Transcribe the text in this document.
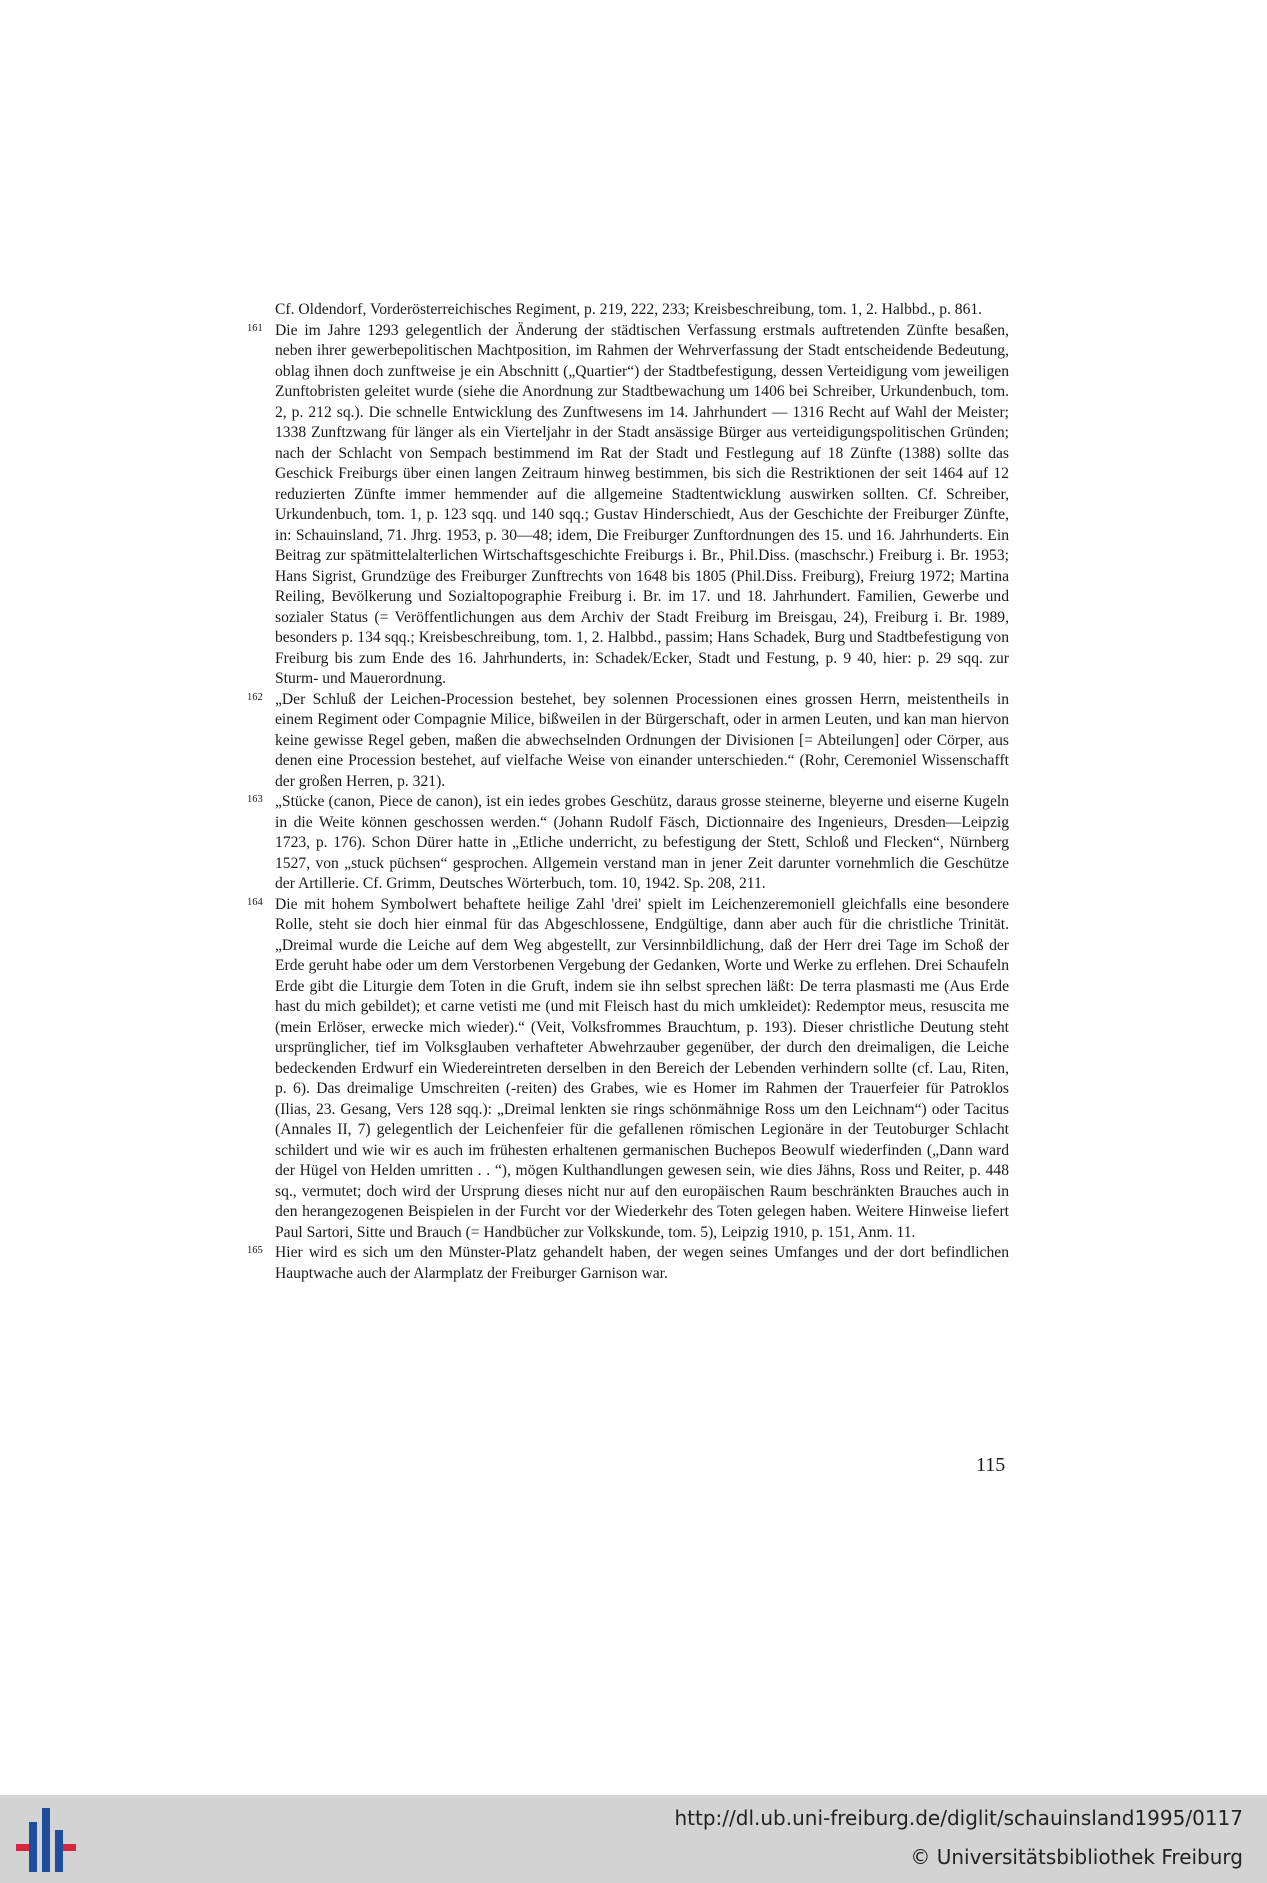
Cf. Oldendorf, Vorderösterreichisches Regiment, p. 219, 222, 233; Kreisbeschreibung, tom. 1, 2. Halbbd., p. 861.

161 Die im Jahre 1293 gelegentlich der Änderung der städtischen Verfassung erstmals auftretenden Zünfte besaßen, neben ihrer gewerbepolitischen Machtposition, im Rahmen der Wehrverfassung der Stadt entscheidende Bedeutung, oblag ihnen doch zunftweise je ein Abschnitt („Quartier“) der Stadtbefestigung, dessen Verteidigung vom jeweiligen Zunftobristen geleitet wurde (siehe die Anordnung zur Stadtbewachung um 1406 bei Schreiber, Urkundenbuch, tom. 2, p. 212 sq.). Die schnelle Entwicklung des Zunftwesens im 14. Jahrhundert — 1316 Recht auf Wahl der Meister; 1338 Zunftzwang für länger als ein Vierteljahr in der Stadt ansässige Bürger aus verteidigungspolitischen Gründen; nach der Schlacht von Sempach bestimmend im Rat der Stadt und Festlegung auf 18 Zünfte (1388) sollte das Geschick Freiburgs über einen langen Zeitraum hinweg bestimmen, bis sich die Restriktionen der seit 1464 auf 12 reduzierten Zünfte immer hemmender auf die allgemeine Stadtentwicklung auswirken sollten. Cf. Schreiber, Urkundenbuch, tom. 1, p. 123 sqq. und 140 sqq.; Gustav Hinderschiedt, Aus der Geschichte der Freiburger Zünfte, in: Schauinsland, 71. Jhrg. 1953, p. 30—48; idem, Die Freiburger Zunftordnungen des 15. und 16. Jahrhunderts. Ein Beitrag zur spätmittelalterlichen Wirtschaftsgeschichte Freiburgs i. Br., Phil.Diss. (maschschr.) Freiburg i. Br. 1953; Hans Sigrist, Grundzüge des Freiburger Zunftrechts von 1648 bis 1805 (Phil.Diss. Freiburg), Freiurg 1972; Martina Reiling, Bevölkerung und Sozialtopographie Freiburg i. Br. im 17. und 18. Jahrhundert. Familien, Gewerbe und sozialer Status (= Veröffentlichungen aus dem Archiv der Stadt Freiburg im Breisgau, 24), Freiburg i. Br. 1989, besonders p. 134 sqq.; Kreisbeschreibung, tom. 1, 2. Halbbd., passim; Hans Schadek, Burg und Stadtbefestigung von Freiburg bis zum Ende des 16. Jahrhunderts, in: Schadek/Ecker, Stadt und Festung, p. 9 40, hier: p. 29 sqq. zur Sturm- und Mauerordnung.
162 „Der Schluß der Leichen-Procession bestehet, bey solennen Processionen eines grossen Herrn, meistentheils in einem Regiment oder Compagnie Milice, bißweilen in der Bürgerschaft, oder in armen Leuten, und kan man hiervon keine gewisse Regel geben, maßen die abwechselnden Ordnungen der Divisionen [= Abteilungen] oder Cörper, aus denen eine Procession bestehet, auf vielfache Weise von einander unterschieden.“ (Rohr, Ceremoniel Wissenschafft der großen Herren, p. 321).
163 „Stücke (canon, Piece de canon), ist ein iedes grobes Geschütz, daraus grosse steinerne, bleyerne und eiserne Kugeln in die Weite können geschossen werden.“ (Johann Rudolf Fäsch, Dictionnaire des Ingenieurs, Dresden—Leipzig 1723, p. 176). Schon Dürer hatte in „Etliche underricht, zu befestigung der Stett, Schloß und Flecken“, Nürnberg 1527, von „stuck püchsen“ gesprochen. Allgemein verstand man in jener Zeit darunter vornehmlich die Geschütze der Artillerie. Cf. Grimm, Deutsches Wörterbuch, tom. 10, 1942. Sp. 208, 211.
164 Die mit hohem Symbolwert behaftete heilige Zahl 'drei' spielt im Leichenzeremoniell gleichfalls eine besondere Rolle, steht sie doch hier einmal für das Abgeschlossene, Endgültige, dann aber auch für die christliche Trinität. „Dreimal wurde die Leiche auf dem Weg abgestellt, zur Versinnbildlichung, daß der Herr drei Tage im Schoß der Erde geruht habe oder um dem Verstorbenen Vergebung der Gedanken, Worte und Werke zu erflehen. Drei Schaufeln Erde gibt die Liturgie dem Toten in die Gruft, indem sie ihn selbst sprechen läßt: De terra plasmasti me (Aus Erde hast du mich gebildet); et carne vetisti me (und mit Fleisch hast du mich umkleidet): Redemptor meus, resuscita me (mein Erlöser, erwecke mich wieder).“ (Veit, Volksfrommes Brauchtum, p. 193). Dieser christliche Deutung steht ursprünglicher, tief im Volksglauben verhafteter Abwehrzauber gegenüber, der durch den dreimaligen, die Leiche bedeckenden Erdwurf ein Wiedereintreten derselben in den Bereich der Lebenden verhindern sollte (cf. Lau, Riten, p. 6). Das dreimalige Umschreiten (-reiten) des Grabes, wie es Homer im Rahmen der Trauerfeier für Patroklos (Ilias, 23. Gesang, Vers 128 sqq.): „Dreimal lenkten sie rings schönmähnige Ross um den Leichnam“) oder Tacitus (Annales II, 7) gelegentlich der Leichenfeier für die gefallenen römischen Legionäre in der Teutoburger Schlacht schildert und wie wir es auch im frühesten erhaltenen germanischen Buchepos Beowulf wiederfinden („Dann ward der Hügel von Helden umritten . . “), mögen Kulthandlungen gewesen sein, wie dies Jähns, Ross und Reiter, p. 448 sq., vermutet; doch wird der Ursprung dieses nicht nur auf den europäischen Raum beschränkten Brauches auch in den herangezogenen Beispielen in der Furcht vor der Wiederkehr des Toten gelegen haben. Weitere Hinweise liefert Paul Sartori, Sitte und Brauch (= Handbücher zur Volkskunde, tom. 5), Leipzig 1910, p. 151, Anm. 11.
165 Hier wird es sich um den Münster-Platz gehandelt haben, der wegen seines Umfanges und der dort befindlichen Hauptwache auch der Alarmplatz der Freiburger Garnison war.
115
http://dl.ub.uni-freiburg.de/diglit/schauinsland1995/0117
© Universitätsbibliothek Freiburg
